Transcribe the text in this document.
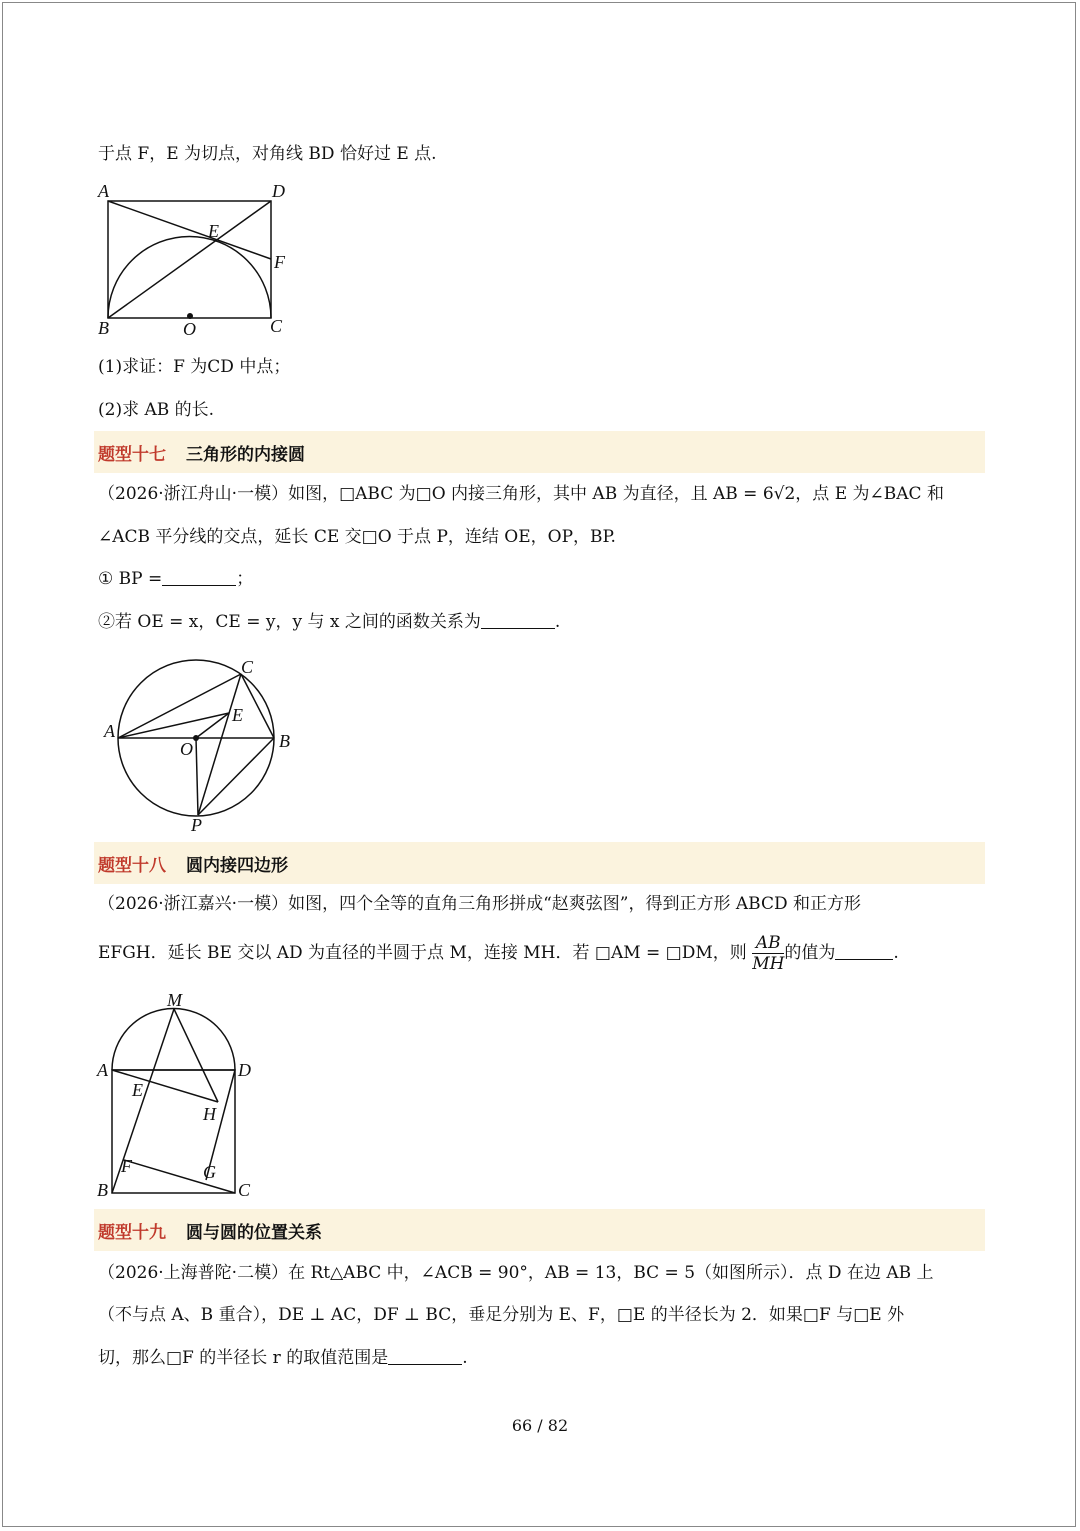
于点 F，E 为切点，对角线 BD 恰好过 E 点.
A	D
E
F
B	O	C
(1)求证：F 为CD 中点；
(2)求 AB 的长.
题型十七 三角形的内接圆
（2026·浙江舟山·一模）如图，□ABC 为□O 内接三角形，其中 AB 为直径，且 AB = 6√2，点 E 为∠BAC 和
∠ACB 平分线的交点，延长 CE 交□O 于点 P，连结 OE，OP，BP.
① BP =	；
②若 OE = x，CE = y，y 与 x 之间的函数关系为	.
C
E
A
O	B
P
题型十八 圆内接四边形
（2026·浙江嘉兴·一模）如图，四个全等的直角三角形拼成“赵爽弦图”，得到正方形 ABCD 和正方形
EFGH．延长 BE 交以 AD 为直径的半圆于点 M，连接 MH．若 □AM = □DM，则 $\frac{AB}{MH}$ 的值为	.
M
A	D
E
H
F	G
B	C
题型十九 圆与圆的位置关系
（2026·上海普陀·二模）在 Rt△ABC 中，∠ACB = 90°，AB = 13，BC = 5（如图所示）．点 D 在边 AB 上
（不与点 A、B 重合），DE ⊥ AC，DF ⊥ BC，垂足分别为 E、F，□E 的半径长为 2．如果□F 与□E 外
切，那么□F 的半径长 r 的取值范围是	.
66 / 82
